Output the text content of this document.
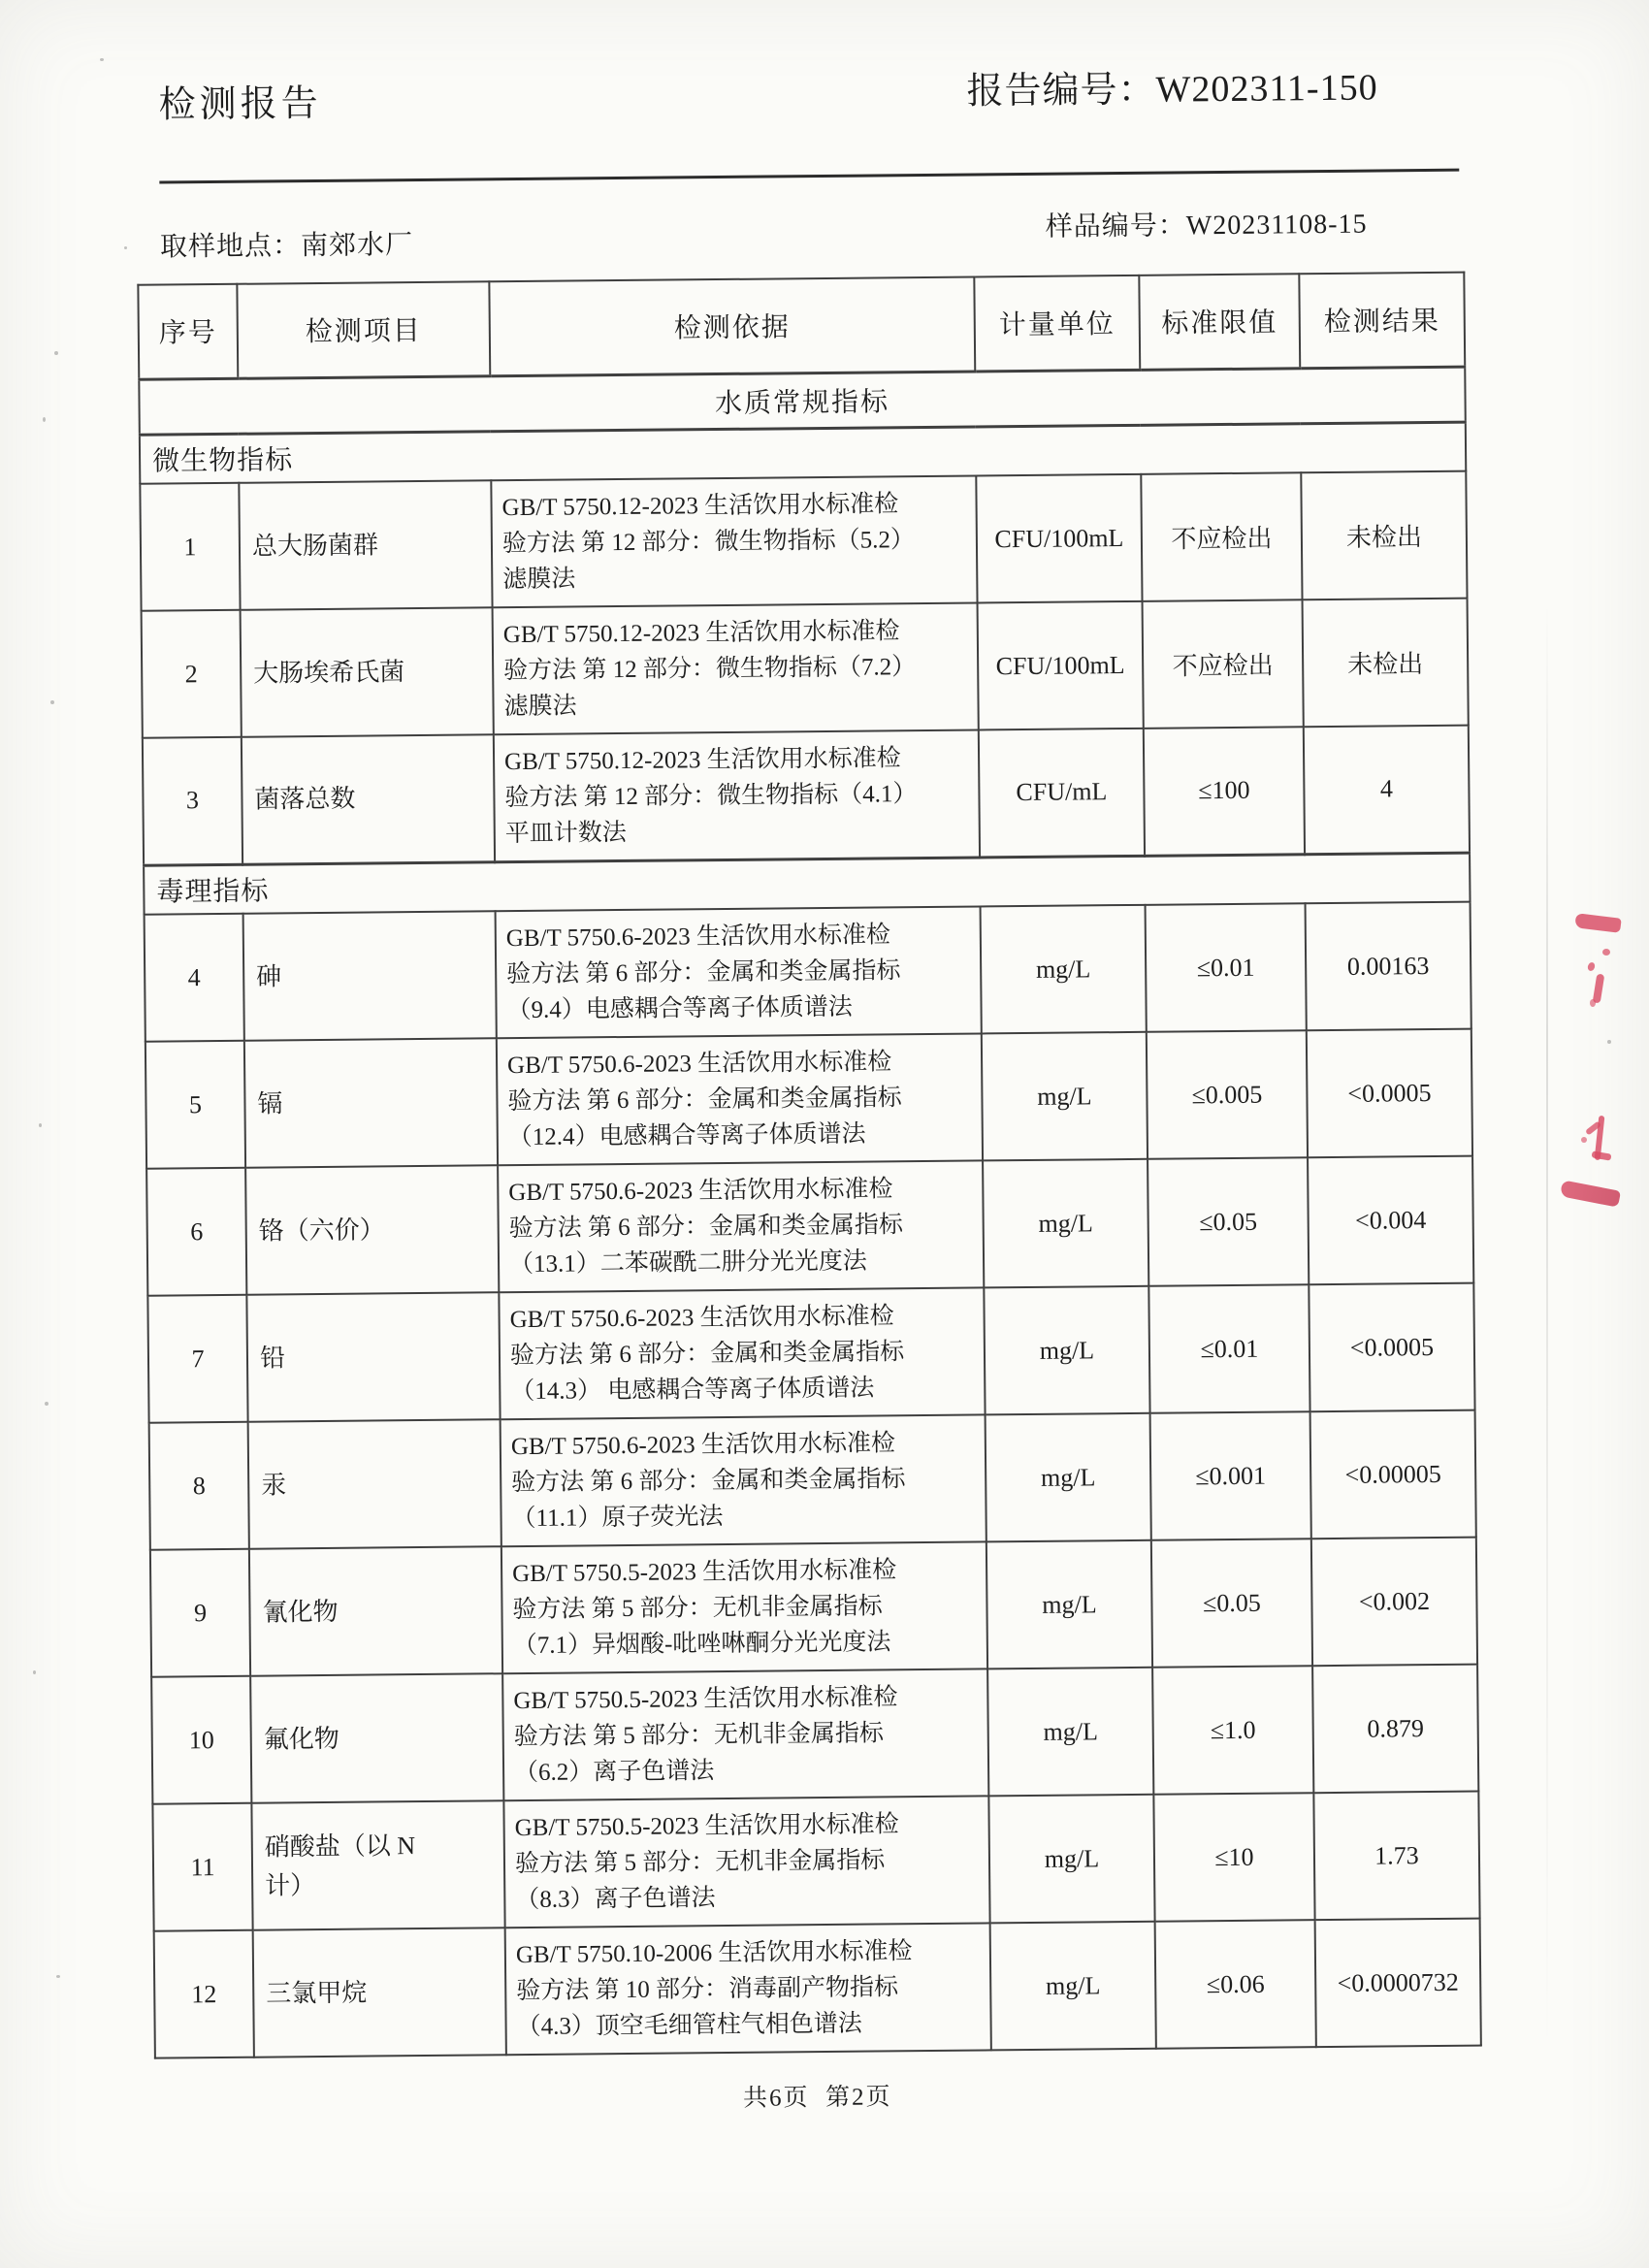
检测报告	报告编号：W202311-150
取样地点：南郊水厂
样品编号：W20231108-15
序号	检测项目	检测依据	计量单位	标准限值	检测结果
水质常规指标					
微生物指标					
1	总大肠菌群	GB/T 5750.12-2023 生活饮用水标准检
验方法 第 12 部分：微生物指标（5.2）
滤膜法	CFU/100mL	不应检出	未检出
2	大肠埃希氏菌	GB/T 5750.12-2023 生活饮用水标准检
验方法 第 12 部分：微生物指标（7.2）
滤膜法	CFU/100mL	不应检出	未检出
3	菌落总数	GB/T 5750.12-2023 生活饮用水标准检
验方法 第 12 部分：微生物指标（4.1）
平皿计数法	CFU/mL	≤100	4
毒理指标					
4	砷	GB/T 5750.6-2023 生活饮用水标准检
验方法 第 6 部分：金属和类金属指标
（9.4）电感耦合等离子体质谱法	mg/L	≤0.01	0.00163
5	镉	GB/T 5750.6-2023 生活饮用水标准检
验方法 第 6 部分：金属和类金属指标
（12.4）电感耦合等离子体质谱法	mg/L	≤0.005	<0.0005
6	铬（六价）	GB/T 5750.6-2023 生活饮用水标准检
验方法 第 6 部分：金属和类金属指标
（13.1）二苯碳酰二肼分光光度法	mg/L	≤0.05	<0.004
7	铅	GB/T 5750.6-2023 生活饮用水标准检
验方法 第 6 部分：金属和类金属指标
（14.3） 电感耦合等离子体质谱法	mg/L	≤0.01	<0.0005
8	汞	GB/T 5750.6-2023 生活饮用水标准检
验方法 第 6 部分：金属和类金属指标
（11.1）原子荧光法	mg/L	≤0.001	<0.00005
9	氰化物	GB/T 5750.5-2023 生活饮用水标准检
验方法 第 5 部分：无机非金属指标
（7.1）异烟酸-吡唑啉酮分光光度法	mg/L	≤0.05	<0.002
10	氟化物	GB/T 5750.5-2023 生活饮用水标准检
验方法 第 5 部分：无机非金属指标
（6.2）离子色谱法	mg/L	≤1.0	0.879
11	硝酸盐（以 N
计）	GB/T 5750.5-2023 生活饮用水标准检
验方法 第 5 部分：无机非金属指标
（8.3）离子色谱法	mg/L	≤10	1.73
12	三氯甲烷	GB/T 5750.10-2006 生活饮用水标准检
验方法 第 10 部分：消毒副产物指标
（4.3）顶空毛细管柱气相色谱法	mg/L	≤0.06	<0.0000732
共6页  第2页
